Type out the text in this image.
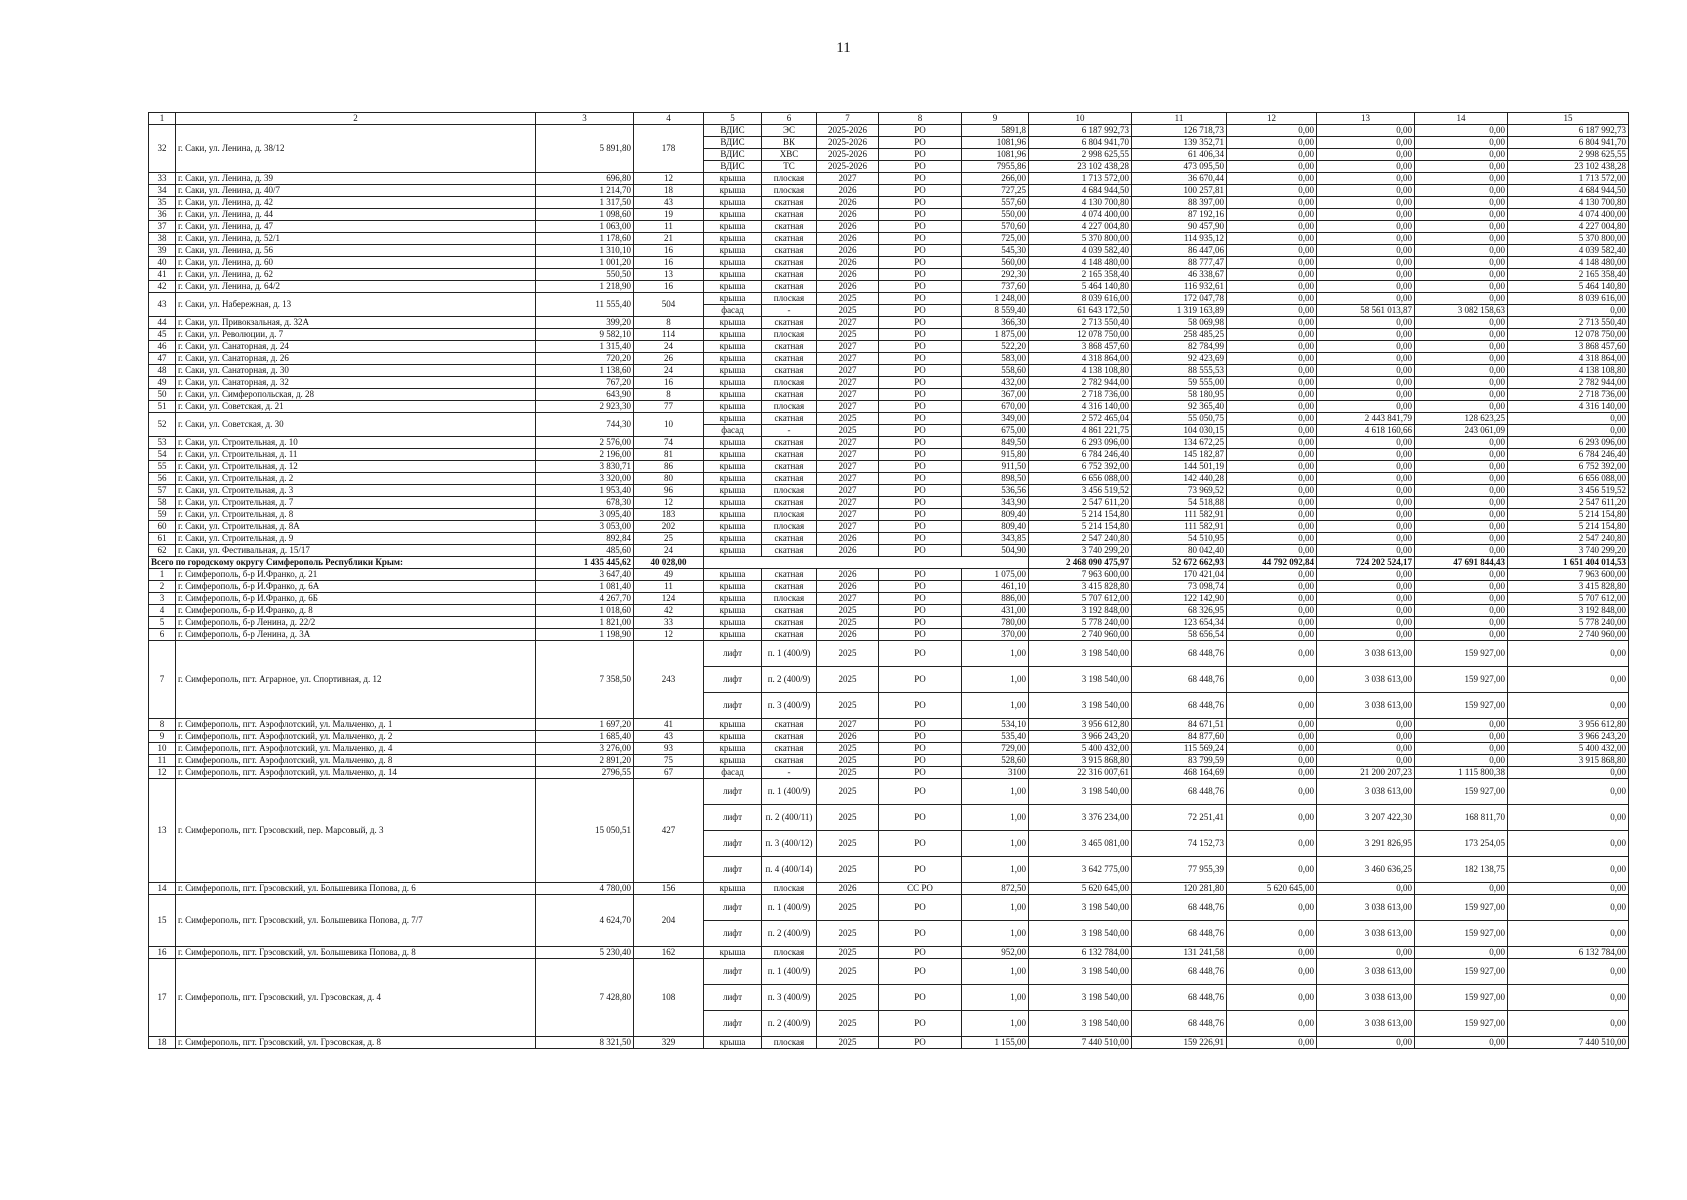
11
1	2	3	4	5	6	7	8	9	10	11	12	13	14	15
32	г. Саки, ул. Ленина, д. 38/12	5 891,80	178	ВДИС	ЭС	2025-2026	РО	5891,8	6 187 992,73	126 718,73	0,00	0,00	0,00	6 187 992,73
				ВДИС	ВК	2025-2026	РО	1081,96	6 804 941,70	139 352,71	0,00	0,00	0,00	6 804 941,70
				ВДИС	ХВС	2025-2026	РО	1081,96	2 998 625,55	61 406,34	0,00	0,00	0,00	2 998 625,55
				ВДИС	ТС	2025-2026	РО	7955,86	23 102 438,28	473 095,50	0,00	0,00	0,00	23 102 438,28
33	г. Саки, ул. Ленина, д. 39	696,80	12	крыша	плоская	2027	РО	266,00	1 713 572,00	36 670,44	0,00	0,00	0,00	1 713 572,00
34	г. Саки, ул. Ленина, д. 40/7	1 214,70	18	крыша	плоская	2026	РО	727,25	4 684 944,50	100 257,81	0,00	0,00	0,00	4 684 944,50
35	г. Саки, ул. Ленина, д. 42	1 317,50	43	крыша	скатная	2026	РО	557,60	4 130 700,80	88 397,00	0,00	0,00	0,00	4 130 700,80
36	г. Саки, ул. Ленина, д. 44	1 098,60	19	крыша	скатная	2026	РО	550,00	4 074 400,00	87 192,16	0,00	0,00	0,00	4 074 400,00
37	г. Саки, ул. Ленина, д. 47	1 063,00	11	крыша	скатная	2026	РО	570,60	4 227 004,80	90 457,90	0,00	0,00	0,00	4 227 004,80
38	г. Саки, ул. Ленина, д. 52/1	1 178,60	21	крыша	скатная	2026	РО	725,00	5 370 800,00	114 935,12	0,00	0,00	0,00	5 370 800,00
39	г. Саки, ул. Ленина, д. 56	1 310,10	16	крыша	скатная	2026	РО	545,30	4 039 582,40	86 447,06	0,00	0,00	0,00	4 039 582,40
40	г. Саки, ул. Ленина, д. 60	1 001,20	16	крыша	скатная	2026	РО	560,00	4 148 480,00	88 777,47	0,00	0,00	0,00	4 148 480,00
41	г. Саки, ул. Ленина, д. 62	550,50	13	крыша	скатная	2026	РО	292,30	2 165 358,40	46 338,67	0,00	0,00	0,00	2 165 358,40
42	г. Саки, ул. Ленина, д. 64/2	1 218,90	16	крыша	скатная	2026	РО	737,60	5 464 140,80	116 932,61	0,00	0,00	0,00	5 464 140,80
43	г. Саки, ул. Набережная, д. 13	11 555,40	504	крыша	плоская	2025	РО	1 248,00	8 039 616,00	172 047,78	0,00	0,00	0,00	8 039 616,00
				фасад	-	2025	РО	8 559,40	61 643 172,50	1 319 163,89	0,00	58 561 013,87	3 082 158,63	0,00
44	г. Саки, ул. Привокзальная, д. 32А	399,20	8	крыша	скатная	2027	РО	366,30	2 713 550,40	58 069,98	0,00	0,00	0,00	2 713 550,40
45	г. Саки, ул. Революции, д. 7	9 582,10	114	крыша	плоская	2025	РО	1 875,00	12 078 750,00	258 485,25	0,00	0,00	0,00	12 078 750,00
46	г. Саки, ул. Санаторная, д. 24	1 315,40	24	крыша	скатная	2027	РО	522,20	3 868 457,60	82 784,99	0,00	0,00	0,00	3 868 457,60
47	г. Саки, ул. Санаторная, д. 26	720,20	26	крыша	скатная	2027	РО	583,00	4 318 864,00	92 423,69	0,00	0,00	0,00	4 318 864,00
48	г. Саки, ул. Санаторная, д. 30	1 138,60	24	крыша	скатная	2027	РО	558,60	4 138 108,80	88 555,53	0,00	0,00	0,00	4 138 108,80
49	г. Саки, ул. Санаторная, д. 32	767,20	16	крыша	плоская	2027	РО	432,00	2 782 944,00	59 555,00	0,00	0,00	0,00	2 782 944,00
50	г. Саки, ул. Симферопольская, д. 28	643,90	8	крыша	скатная	2027	РО	367,00	2 718 736,00	58 180,95	0,00	0,00	0,00	2 718 736,00
51	г. Саки, ул. Советская, д. 21	2 923,30	77	крыша	плоская	2027	РО	670,00	4 316 140,00	92 365,40	0,00	0,00	0,00	4 316 140,00
52	г. Саки, ул. Советская, д. 30	744,30	10	крыша	скатная	2025	РО	349,00	2 572 465,04	55 050,75	0,00	2 443 841,79	128 623,25	0,00
				фасад	-	2025	РО	675,00	4 861 221,75	104 030,15	0,00	4 618 160,66	243 061,09	0,00
53	г. Саки, ул. Строительная, д. 10	2 576,00	74	крыша	скатная	2027	РО	849,50	6 293 096,00	134 672,25	0,00	0,00	0,00	6 293 096,00
54	г. Саки, ул. Строительная, д. 11	2 196,00	81	крыша	скатная	2027	РО	915,80	6 784 246,40	145 182,87	0,00	0,00	0,00	6 784 246,40
55	г. Саки, ул. Строительная, д. 12	3 830,71	86	крыша	скатная	2027	РО	911,50	6 752 392,00	144 501,19	0,00	0,00	0,00	6 752 392,00
56	г. Саки, ул. Строительная, д. 2	3 320,00	80	крыша	скатная	2027	РО	898,50	6 656 088,00	142 440,28	0,00	0,00	0,00	6 656 088,00
57	г. Саки, ул. Строительная, д. 3	1 953,40	96	крыша	плоская	2027	РО	536,56	3 456 519,52	73 969,52	0,00	0,00	0,00	3 456 519,52
58	г. Саки, ул. Строительная, д. 7	678,30	12	крыша	скатная	2027	РО	343,90	2 547 611,20	54 518,88	0,00	0,00	0,00	2 547 611,20
59	г. Саки, ул. Строительная, д. 8	3 095,40	183	крыша	плоская	2027	РО	809,40	5 214 154,80	111 582,91	0,00	0,00	0,00	5 214 154,80
60	г. Саки, ул. Строительная, д. 8А	3 053,00	202	крыша	плоская	2027	РО	809,40	5 214 154,80	111 582,91	0,00	0,00	0,00	5 214 154,80
61	г. Саки, ул. Строительная, д. 9	892,84	25	крыша	скатная	2026	РО	343,85	2 547 240,80	54 510,95	0,00	0,00	0,00	2 547 240,80
62	г. Саки, ул. Фестивальная, д. 15/17	485,60	24	крыша	скатная	2026	РО	504,90	3 740 299,20	80 042,40	0,00	0,00	0,00	3 740 299,20
Всего по городскому округу Симферополь Республики Крым:		1 435 445,62	40 028,00						2 468 090 475,97	52 672 662,93	44 792 092,84	724 202 524,17	47 691 844,43	1 651 404 014,53
1	г. Симферополь, б-р И.Франко, д. 21	3 647,40	49	крыша	скатная	2026	РО	1 075,00	7 963 600,00	170 421,04	0,00	0,00	0,00	7 963 600,00
2	г. Симферополь, б-р И.Франко, д. 6А	1 081,40	11	крыша	скатная	2026	РО	461,10	3 415 828,80	73 098,74	0,00	0,00	0,00	3 415 828,80
3	г. Симферополь, б-р И.Франко, д. 6Б	4 267,70	124	крыша	плоская	2027	РО	886,00	5 707 612,00	122 142,90	0,00	0,00	0,00	5 707 612,00
4	г. Симферополь, б-р И.Франко, д. 8	1 018,60	42	крыша	скатная	2025	РО	431,00	3 192 848,00	68 326,95	0,00	0,00	0,00	3 192 848,00
5	г. Симферополь, б-р Ленина, д. 22/2	1 821,00	33	крыша	скатная	2025	РО	780,00	5 778 240,00	123 654,34	0,00	0,00	0,00	5 778 240,00
6	г. Симферополь, б-р Ленина, д. 3А	1 198,90	12	крыша	скатная	2026	РО	370,00	2 740 960,00	58 656,54	0,00	0,00	0,00	2 740 960,00
7	г. Симферополь, пгт. Аграрное, ул. Спортивная, д. 12	7 358,50	243	лифт	п. 1 (400/9)	2025	РО	1,00	3 198 540,00	68 448,76	0,00	3 038 613,00	159 927,00	0,00
				лифт	п. 2 (400/9)	2025	РО	1,00	3 198 540,00	68 448,76	0,00	3 038 613,00	159 927,00	0,00
				лифт	п. 3 (400/9)	2025	РО	1,00	3 198 540,00	68 448,76	0,00	3 038 613,00	159 927,00	0,00
8	г. Симферополь, пгт. Аэрофлотский, ул. Мальченко, д. 1	1 697,20	41	крыша	скатная	2027	РО	534,10	3 956 612,80	84 671,51	0,00	0,00	0,00	3 956 612,80
9	г. Симферополь, пгт. Аэрофлотский, ул. Мальченко, д. 2	1 685,40	43	крыша	скатная	2026	РО	535,40	3 966 243,20	84 877,60	0,00	0,00	0,00	3 966 243,20
10	г. Симферополь, пгт. Аэрофлотский, ул. Мальченко, д. 4	3 276,00	93	крыша	скатная	2025	РО	729,00	5 400 432,00	115 569,24	0,00	0,00	0,00	5 400 432,00
11	г. Симферополь, пгт. Аэрофлотский, ул. Мальченко, д. 8	2 891,20	75	крыша	скатная	2025	РО	528,60	3 915 868,80	83 799,59	0,00	0,00	0,00	3 915 868,80
12	г. Симферополь, пгт. Аэрофлотский, ул. Мальченко, д. 14	2796,55	67	фасад	-	2025	РО	3100	22 316 007,61	468 164,69	0,00	21 200 207,23	1 115 800,38	0,00
13	г. Симферополь, пгт. Грэсовский, пер. Марсовый, д. 3	15 050,51	427	лифт	п. 1 (400/9)	2025	РО	1,00	3 198 540,00	68 448,76	0,00	3 038 613,00	159 927,00	0,00
				лифт	п. 2 (400/11)	2025	РО	1,00	3 376 234,00	72 251,41	0,00	3 207 422,30	168 811,70	0,00
				лифт	п. 3 (400/12)	2025	РО	1,00	3 465 081,00	74 152,73	0,00	3 291 826,95	173 254,05	0,00
				лифт	п. 4 (400/14)	2025	РО	1,00	3 642 775,00	77 955,39	0,00	3 460 636,25	182 138,75	0,00
14	г. Симферополь, пгт. Грэсовский, ул. Большевика Попова, д. 6	4 780,00	156	крыша	плоская	2026	СС РО	872,50	5 620 645,00	120 281,80	5 620 645,00	0,00	0,00	0,00
15	г. Симферополь, пгт. Грэсовский, ул. Большевика Попова, д. 7/7	4 624,70	204	лифт	п. 1 (400/9)	2025	РО	1,00	3 198 540,00	68 448,76	0,00	3 038 613,00	159 927,00	0,00
				лифт	п. 2 (400/9)	2025	РО	1,00	3 198 540,00	68 448,76	0,00	3 038 613,00	159 927,00	0,00
16	г. Симферополь, пгт. Грэсовский, ул. Большевика Попова, д. 8	5 230,40	162	крыша	плоская	2025	РО	952,00	6 132 784,00	131 241,58	0,00	0,00	0,00	6 132 784,00
17	г. Симферополь, пгт. Грэсовский, ул. Грэсовская, д. 4	7 428,80	108	лифт	п. 1 (400/9)	2025	РО	1,00	3 198 540,00	68 448,76	0,00	3 038 613,00	159 927,00	0,00
				лифт	п. 3 (400/9)	2025	РО	1,00	3 198 540,00	68 448,76	0,00	3 038 613,00	159 927,00	0,00
				лифт	п. 2 (400/9)	2025	РО	1,00	3 198 540,00	68 448,76	0,00	3 038 613,00	159 927,00	0,00
18	г. Симферополь, пгт. Грэсовский, ул. Грэсовская, д. 8	8 321,50	329	крыша	плоская	2025	РО	1 155,00	7 440 510,00	159 226,91	0,00	0,00	0,00	7 440 510,00
